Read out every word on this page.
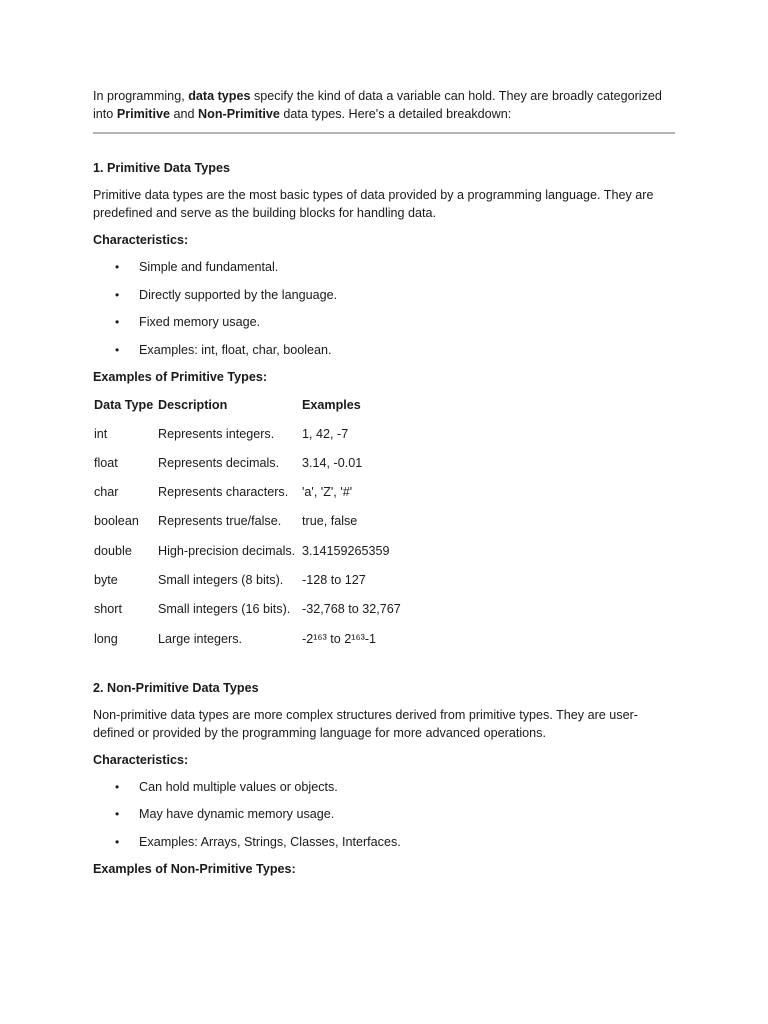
In programming, data types specify the kind of data a variable can hold. They are broadly categorized into Primitive and Non-Primitive data types. Here's a detailed breakdown:

1. Primitive Data Types

Primitive data types are the most basic types of data provided by a programming language. They are predefined and serve as the building blocks for handling data.

Characteristics:

• Simple and fundamental.
• Directly supported by the language.
• Fixed memory usage.
• Examples: int, float, char, boolean.

Examples of Primitive Types:

Data Type	Description	Examples
int	Represents integers.	1, 42, -7
float	Represents decimals.	3.14, -0.01
char	Represents characters.	'a', 'Z', '#'
boolean	Represents true/false.	true, false
double	High-precision decimals.	3.14159265359
byte	Small integers (8 bits).	-128 to 127
short	Small integers (16 bits).	-32,768 to 32,767
long	Large integers.	-2¹⁶³ to 2¹⁶³-1

2. Non-Primitive Data Types

Non-primitive data types are more complex structures derived from primitive types. They are user-defined or provided by the programming language for more advanced operations.

Characteristics:

• Can hold multiple values or objects.
• May have dynamic memory usage.
• Examples: Arrays, Strings, Classes, Interfaces.

Examples of Non-Primitive Types:
